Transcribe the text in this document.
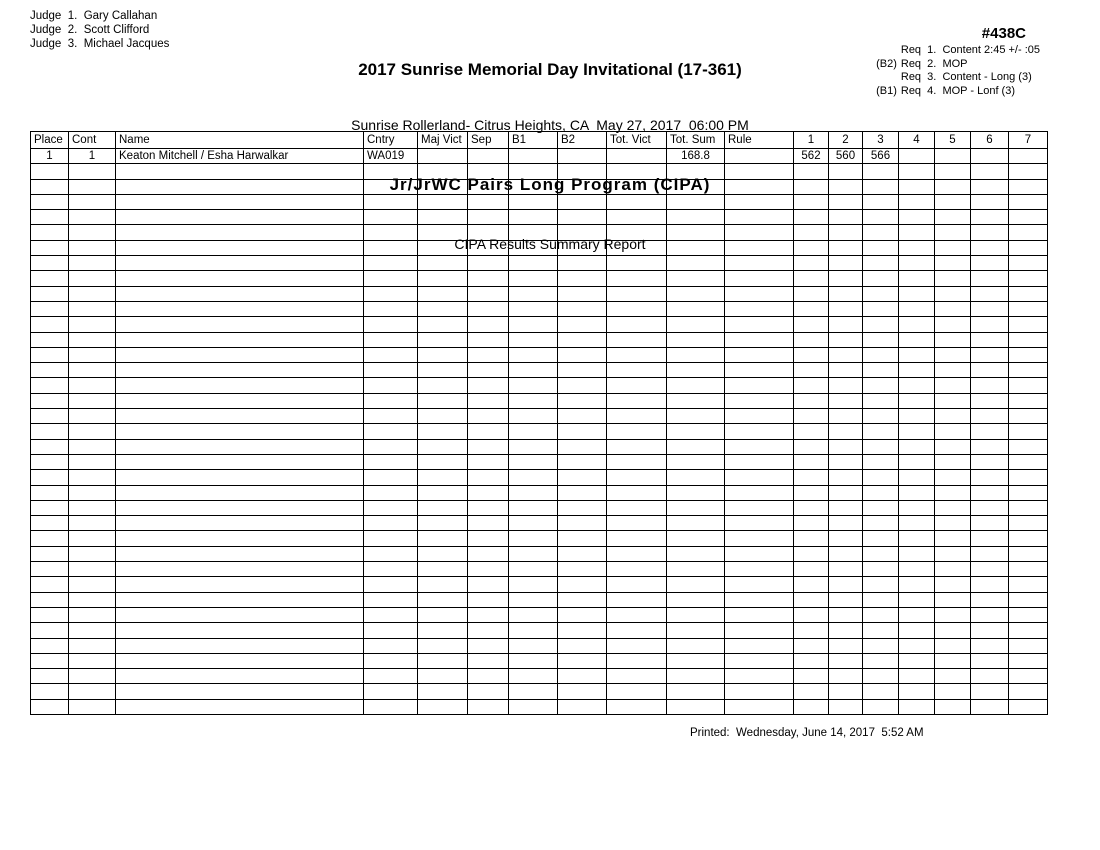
Judge  1.  Gary Callahan
Judge  2.  Scott Clifford
Judge  3.  Michael Jacques

2017 Sunrise Memorial Day Invitational (17-361)

Sunrise Rollerland- Citrus Heights, CA  May 27, 2017  06:00 PM

Jr/JrWC Pairs Long Program (CIPA)

CIPA Results Summary Report

#438C
	Req  1.  Content 2:45 +/- :05
(B2)	Req  2.  MOP
	Req  3.  Content - Long (3)
(B1)	Req  4.  MOP - Lonf (3)
Place	Cont	Name	Cntry	Maj Vict	Sep	B1	B2	Tot. Vict	Tot. Sum	Rule	1	2	3	4	5	6	7
1	1	Keaton Mitchell / Esha Harwalkar	WA019						168.8		562	560	566				

Printed:  Wednesday, June 14, 2017  5:52 AM
